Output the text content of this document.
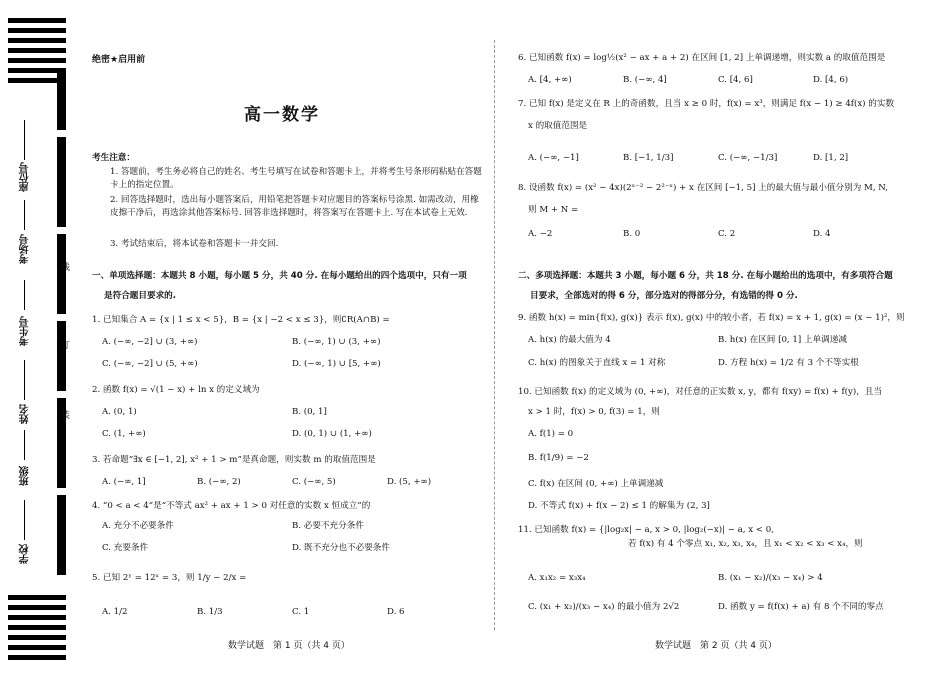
座位号
考场号
考生号
姓名
班级
学校
线
订
装
绝密★启用前
高一数学
考生注意：
1. 答题前，考生务必将自己的姓名、考生号填写在试卷和答题卡上，并将考生号条形码粘贴在答题卡上的指定位置。
2. 回答选择题时，选出每小题答案后，用铅笔把答题卡对应题目的答案标号涂黑. 如需改动，用橡皮擦干净后，再选涂其他答案标号. 回答非选择题时，将答案写在答题卡上. 写在本试卷上无效.
3. 考试结束后，将本试卷和答题卡一并交回.
一、单项选择题：本题共 8 小题，每小题 5 分，共 40 分. 在每小题给出的四个选项中，只有一项
是符合题目要求的.
1. 已知集合 A = {x | 1 ≤ x < 5}，B = {x | −2 < x ≤ 3}，则∁R(A∩B) =
A. (−∞, −2] ∪ (3, +∞)	B. (−∞, 1) ∪ (3, +∞)
C. (−∞, −2] ∪ (5, +∞)	D. (−∞, 1) ∪ [5, +∞)
2. 函数 f(x) = √(1 − x) + ln x 的定义域为
A. (0, 1)	B. (0, 1]
C. (1, +∞)	D. (0, 1) ∪ (1, +∞)
3. 若命题“∃x ∈ [−1, 2], x² + 1 > m”是真命题，则实数 m 的取值范围是
A. (−∞, 1]	B. (−∞, 2)	C. (−∞, 5)	D. (5, +∞)
4. “0 < a < 4”是“不等式 ax² + ax + 1 > 0 对任意的实数 x 恒成立”的
A. 充分不必要条件	B. 必要不充分条件
C. 充要条件	D. 既不充分也不必要条件
5. 已知 2ʸ = 12ˣ = 3，则 1/y − 2/x =
A. 1/2	B. 1/3	C. 1	D. 6
6. 已知函数 f(x) = log½(x² − ax + a + 2) 在区间 [1, 2] 上单调递增，则实数 a 的取值范围是
A. [4, +∞)	B. (−∞, 4]	C. [4, 6]	D. [4, 6)
7. 已知 f(x) 是定义在 R 上的奇函数，且当 x ≥ 0 时，f(x) = x³，则满足 f(x − 1) ≥ 4f(x) 的实数
x 的取值范围是
A. (−∞, −1]	B. [−1, 1/3]	C. (−∞, −1/3]	D. [1, 2]
8. 设函数 f(x) = (x² − 4x)(2ˣ⁻² − 2²⁻ˣ) + x 在区间 [−1, 5] 上的最大值与最小值分别为 M, N,
则 M + N =
A. −2	B. 0	C. 2	D. 4
二、多项选择题：本题共 3 小题，每小题 6 分，共 18 分. 在每小题给出的选项中，有多项符合题
目要求，全部选对的得 6 分，部分选对的得部分分，有选错的得 0 分.
9. 函数 h(x) = min{f(x), g(x)} 表示 f(x), g(x) 中的较小者，若 f(x) = x + 1, g(x) = (x − 1)²，则
A. h(x) 的最大值为 4	B. h(x) 在区间 [0, 1] 上单调递减
C. h(x) 的图象关于直线 x = 1 对称	D. 方程 h(x) = 1/2 有 3 个不等实根
10. 已知函数 f(x) 的定义域为 (0, +∞)，对任意的正实数 x, y，都有 f(xy) = f(x) + f(y)，且当
x > 1 时，f(x) > 0, f(3) = 1，则
A. f(1) = 0
B. f(1/9) = −2
C. f(x) 在区间 (0, +∞) 上单调递减
D. 不等式 f(x) + f(x − 2) ≤ 1 的解集为 (2, 3]
11. 已知函数 f(x) = {|log₂x| − a, x > 0, |log₂(−x)| − a, x < 0,
若 f(x) 有 4 个零点 x₁, x₂, x₃, x₄，且 x₁ < x₂ < x₃ < x₄，则
A. x₁x₂ = x₃x₄	B. (x₁ − x₂)/(x₃ − x₄) > 4
C. (x₁ + x₂)/(x₃ − x₄) 的最小值为 2√2	D. 函数 y = f(f(x) + a) 有 8 个不同的零点
数学试题　第 1 页（共 4 页）	数学试题　第 2 页（共 4 页）
